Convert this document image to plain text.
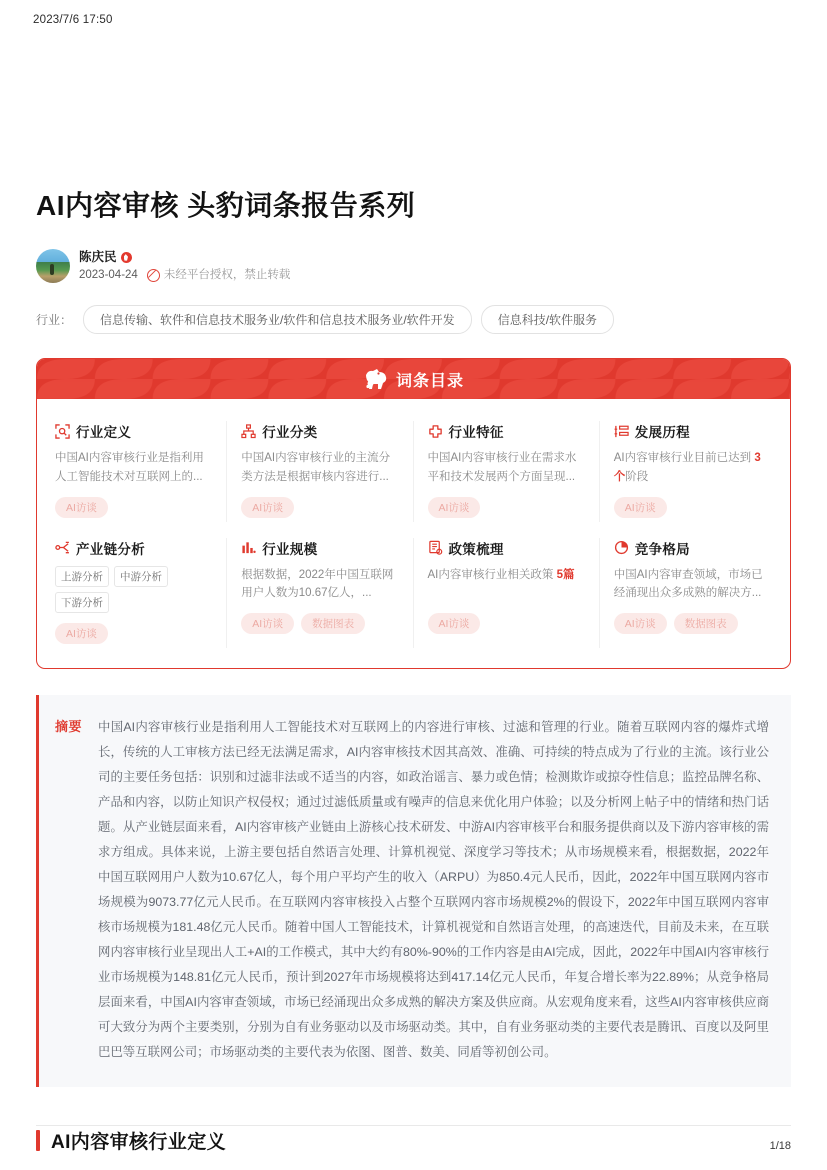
2023/7/6 17:50
AI内容审核 头豹词条报告系列
陈庆民
2023-04-24 未经平台授权，禁止转载
行业：	信息传输、软件和信息技术服务业/软件和信息技术服务业/软件开发	信息科技/软件服务
词条目录
行业定义
中国AI内容审核行业是指利用人工智能技术对互联网上的...
AI访谈
行业分类
中国AI内容审核行业的主流分类方法是根据审核内容进行...
AI访谈
行业特征
中国AI内容审核行业在需求水平和技术发展两个方面呈现...
AI访谈
发展历程
AI内容审核行业目前已达到 3个阶段
AI访谈
产业链分析
上游分析	中游分析
下游分析
AI访谈
行业规模
根据数据，2022年中国互联网用户人数为10.67亿人，...
AI访谈	数据图表
政策梳理
AI内容审核行业相关政策 5篇
AI访谈
竞争格局
中国AI内容审查领域，市场已经涌现出众多成熟的解决方...
AI访谈	数据图表
摘要 中国AI内容审核行业是指利用人工智能技术对互联网上的内容进行审核、过滤和管理的行业。随着互联网内容的爆炸式增长，传统的人工审核方法已经无法满足需求，AI内容审核技术因其高效、准确、可持续的特点成为了行业的主流。该行业公司的主要任务包括：识别和过滤非法或不适当的内容，如政治谣言、暴力或色情；检测欺诈或掠夺性信息；监控品牌名称、产品和内容，以防止知识产权侵权；通过过滤低质量或有噪声的信息来优化用户体验；以及分析网上帖子中的情绪和热门话题。从产业链层面来看，AI内容审核产业链由上游核心技术研发、中游AI内容审核平台和服务提供商以及下游内容审核的需求方组成。具体来说，上游主要包括自然语言处理、计算机视觉、深度学习等技术；从市场规模来看，根据数据，2022年中国互联网用户人数为10.67亿人，每个用户平均产生的收入（ARPU）为850.4元人民币，因此，2022年中国互联网内容市场规模为9073.77亿元人民币。在互联网内容审核投入占整个互联网内容市场规模2%的假设下，2022年中国互联网内容审核市场规模为181.48亿元人民币。随着中国人工智能技术，计算机视觉和自然语言处理，的高速迭代，目前及未来，在互联网内容审核行业呈现出人工+AI的工作模式，其中大约有80%-90%的工作内容是由AI完成，因此，2022年中国AI内容审核行业市场规模为148.81亿元人民币，预计到2027年市场规模将达到417.14亿元人民币，年复合增长率为22.89%；从竞争格局层面来看，中国AI内容审查领域，市场已经涌现出众多成熟的解决方案及供应商。从宏观角度来看，这些AI内容审核供应商可大致分为两个主要类别，分别为自有业务驱动以及市场驱动类。其中，自有业务驱动类的主要代表是腾讯、百度以及阿里巴巴等互联网公司；市场驱动类的主要代表为依图、图普、数美、同盾等初创公司。
AI内容审核行业定义	1/18
